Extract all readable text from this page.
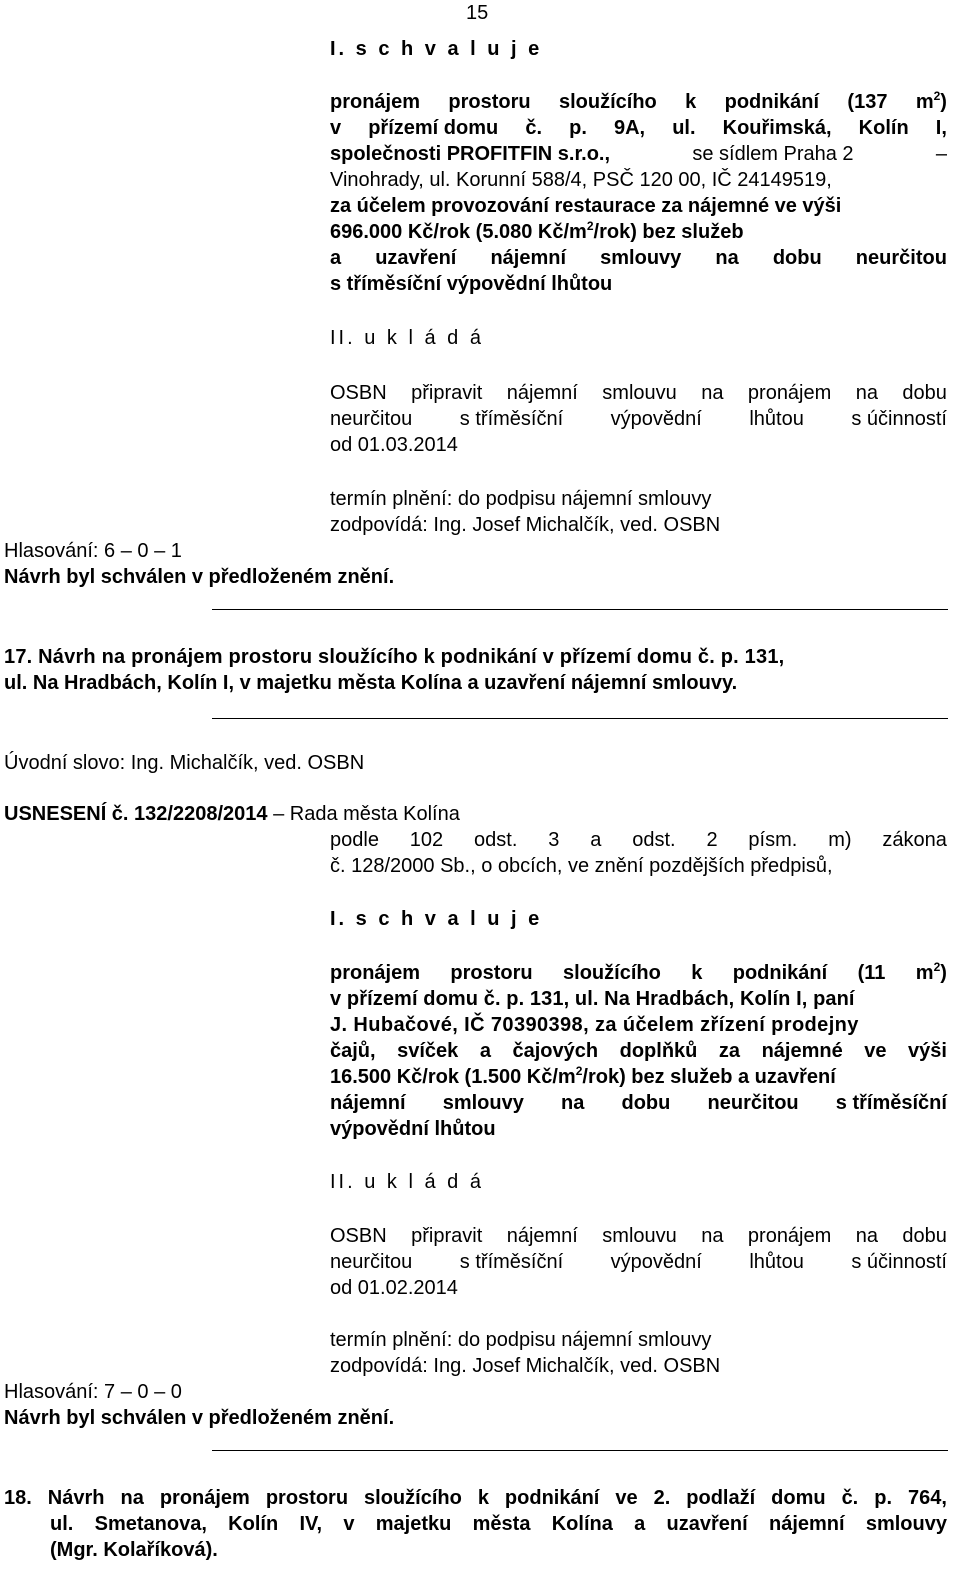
15
I. s c h v a l u j e
pronájem prostoru sloužícího k podnikání (137 $m^2$)
v přízemí domu č. p. 9A, ul. Kouřimská, Kolín I,
společnosti PROFITFIN s.r.o.,	se sídlem Praha 2	–
Vinohrady, ul. Korunní 588/4, PSČ 120 00, IČ 24149519,
za účelem provozování restaurace za nájemné ve výši
696.000 Kč/rok (5.080 $Kč/m^2/rok$) bez služeb
a uzavření nájemní smlouvy na dobu neurčitou
s tříměsíční výpovědní lhůtou
II. u k l á d á
OSBN připravit nájemní smlouvu na pronájem na dobu
neurčitou s tříměsíční výpovědní lhůtou s účinností
od 01.03.2014
termín plnění: do podpisu nájemní smlouvy
zodpovídá: Ing. Josef Michalčík, ved. OSBN
Hlasování: 6 – 0 – 1
Návrh byl schválen v předloženém znění.
17. Návrh na pronájem prostoru sloužícího k podnikání v přízemí domu č. p. 131,
ul. Na Hradbách, Kolín I, v majetku města Kolína a uzavření nájemní smlouvy.
Úvodní slovo: Ing. Michalčík, ved. OSBN
USNESENÍ č. 132/2208/2014 – Rada města Kolína
podle 102 odst. 3 a odst. 2 písm. m) zákona
č. 128/2000 Sb., o obcích, ve znění pozdějších předpisů,
I. s c h v a l u j e
pronájem prostoru sloužícího k podnikání (11 $m^2$)
v přízemí domu č. p. 131, ul. Na Hradbách, Kolín I, paní
J. Hubačové, IČ 70390398, za účelem zřízení prodejny
čajů, svíček a čajových doplňků za nájemné ve výši
16.500 Kč/rok (1.500 $Kč/m^2/rok$) bez služeb a uzavření
nájemní smlouvy na dobu neurčitou s tříměsíční
výpovědní lhůtou
II. u k l á d á
OSBN připravit nájemní smlouvu na pronájem na dobu
neurčitou s tříměsíční výpovědní lhůtou s účinností
od 01.02.2014
termín plnění: do podpisu nájemní smlouvy
zodpovídá: Ing. Josef Michalčík, ved. OSBN
Hlasování: 7 – 0 – 0
Návrh byl schválen v předloženém znění.
18. Návrh na pronájem prostoru sloužícího k podnikání ve 2. podlaží domu č. p. 764,
ul. Smetanova, Kolín IV, v majetku města Kolína a uzavření nájemní smlouvy
(Mgr. Kolaříková).
